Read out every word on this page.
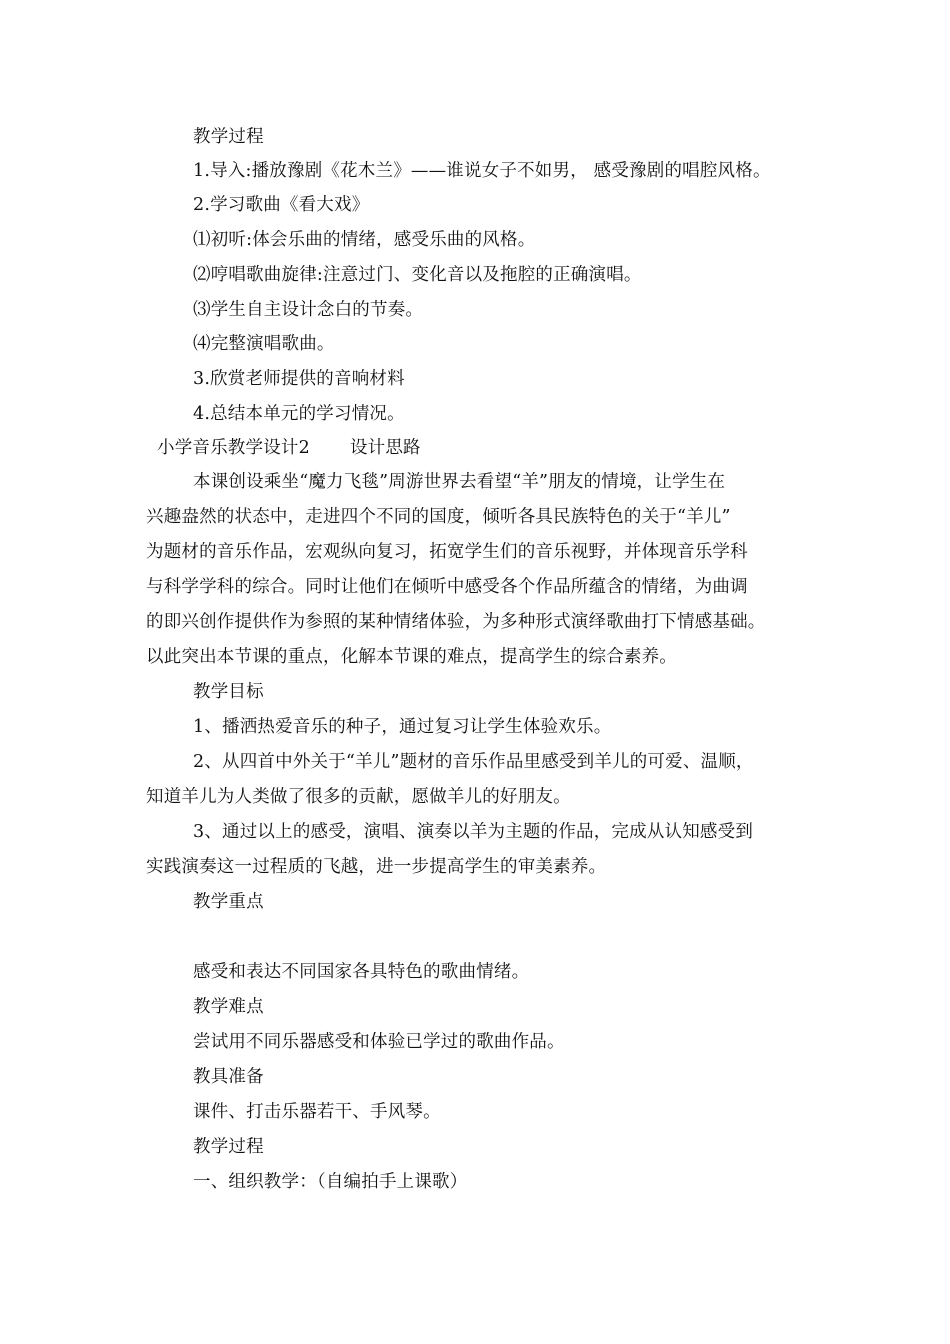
教学过程
1.导入:播放豫剧《花木兰》——谁说女子不如男， 感受豫剧的唱腔风格。
2.学习歌曲《看大戏》
⑴初听:体会乐曲的情绪，感受乐曲的风格。
⑵哼唱歌曲旋律:注意过门、变化音以及拖腔的正确演唱。
⑶学生自主设计念白的节奏。
⑷完整演唱歌曲。
3.欣赏老师提供的音响材料
4.总结本单元的学习情况。
小学音乐教学设计2 设计思路
本课创设乘坐“魔力飞毯”周游世界去看望“羊”朋友的情境，让学生在
兴趣盎然的状态中，走进四个不同的国度，倾听各具民族特色的关于“羊儿”
为题材的音乐作品，宏观纵向复习，拓宽学生们的音乐视野，并体现音乐学科
与科学学科的综合。同时让他们在倾听中感受各个作品所蕴含的情绪，为曲调
的即兴创作提供作为参照的某种情绪体验，为多种形式演绎歌曲打下情感基础。
以此突出本节课的重点，化解本节课的难点，提高学生的综合素养。
教学目标
1、播洒热爱音乐的种子，通过复习让学生体验欢乐。
2、从四首中外关于“羊儿”题材的音乐作品里感受到羊儿的可爱、温顺，
知道羊儿为人类做了很多的贡献，愿做羊儿的好朋友。
3、通过以上的感受，演唱、演奏以羊为主题的作品，完成从认知感受到
实践演奏这一过程质的飞越，进一步提高学生的审美素养。
教学重点
感受和表达不同国家各具特色的歌曲情绪。
教学难点
尝试用不同乐器感受和体验已学过的歌曲作品。
教具准备
课件、打击乐器若干、手风琴。
教学过程
一、组织教学：（自编拍手上课歌）
